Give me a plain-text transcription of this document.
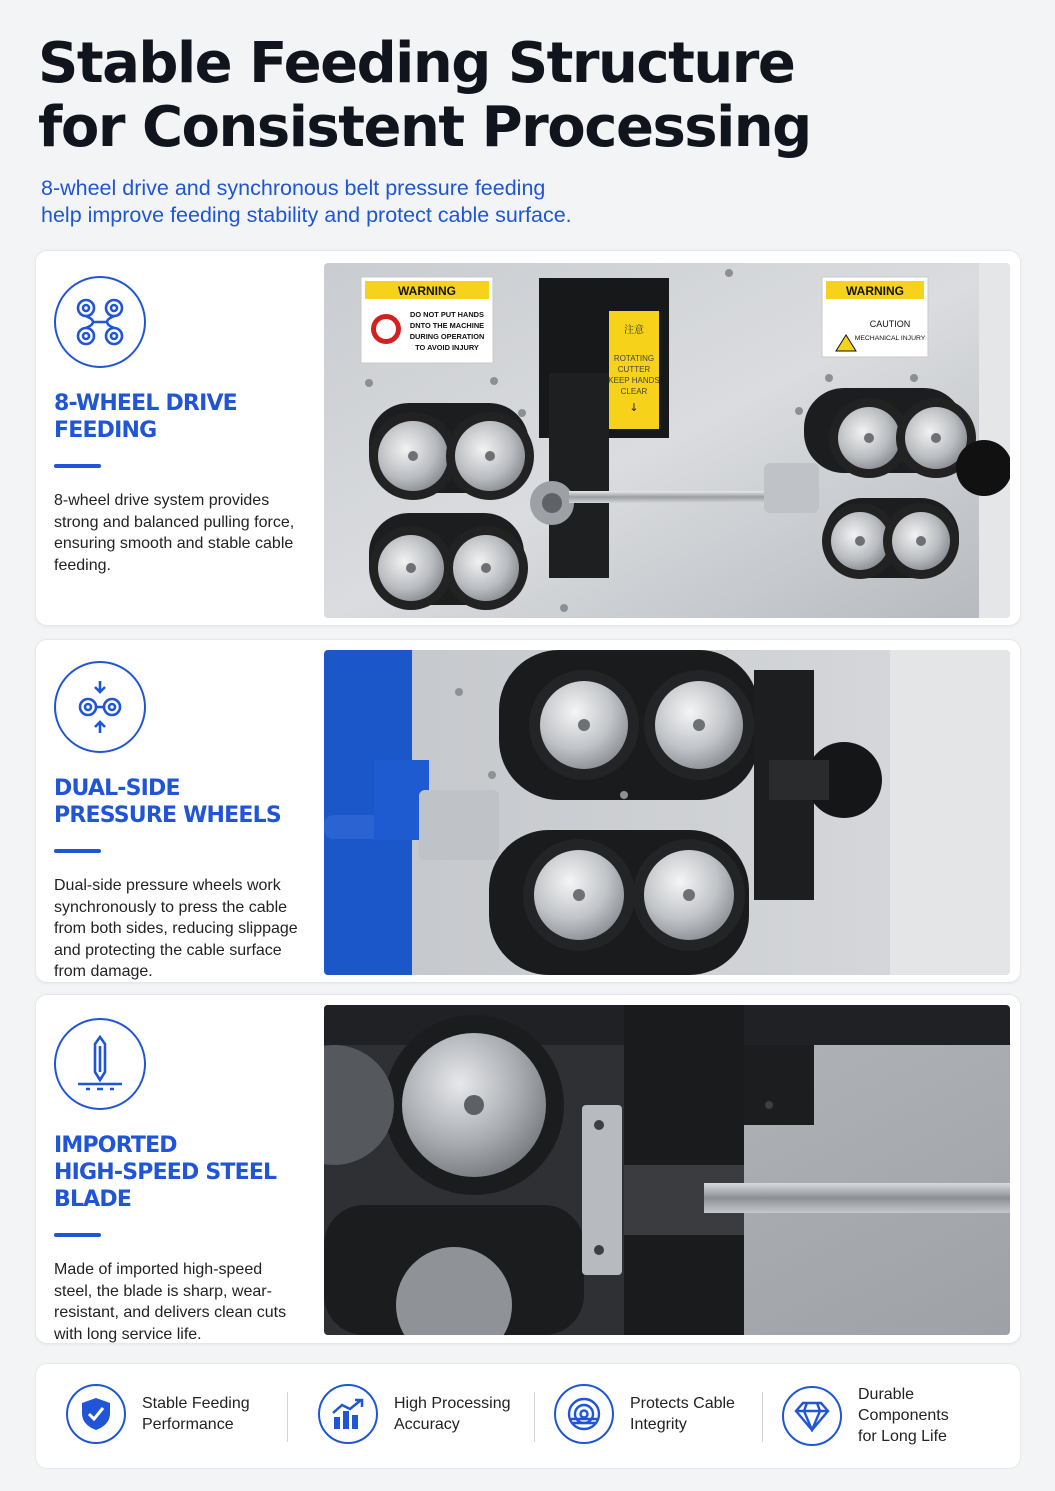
Stable Feeding Structure
for Consistent Processing
8-wheel drive and synchronous belt pressure feeding
help improve feeding stability and protect cable surface.
8-WHEEL DRIVE FEEDING
8-wheel drive system provides strong and balanced pulling force, ensuring smooth and stable cable feeding.
WARNING
DO NOT PUT HANDS
DNTO THE MACHINE
DURING OPERATION
TO AVOID INJURY
注意
ROTATING
CUTTER
KEEP HANDS
CLEAR
↓
WARNING
CAUTION
MECHANICAL INJURY
DUAL-SIDE
PRESSURE WHEELS
Dual-side pressure wheels work synchronously to press the cable from both sides, reducing slippage and protecting the cable surface from damage.
IMPORTED
HIGH-SPEED STEEL BLADE
Made of imported high-speed steel, the blade is sharp, wear-resistant, and delivers clean cuts with long service life.
Stable Feeding
Performance
High Processing
Accuracy
Protects Cable
Integrity
Durable Components
for Long Life
